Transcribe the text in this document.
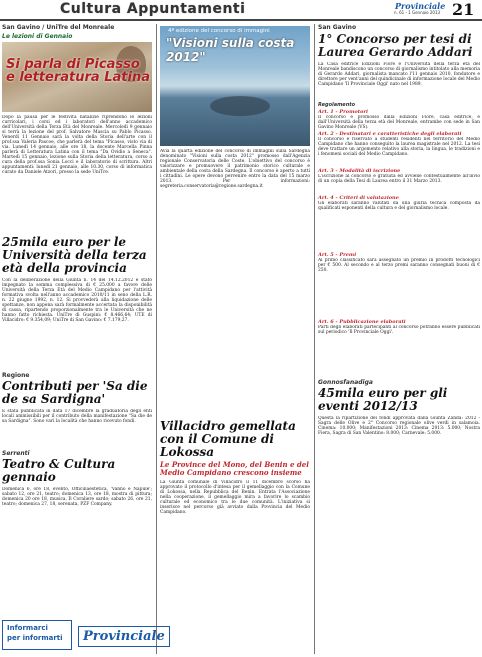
Cultura Appuntamenti	Provinciale
n. 61 - 1 Gennaio 2013 21
San Gavino / UniTre del Monreale
Le lezioni di Gennaio
Si parla di Picasso e letteratura Latina
Dopo la pausa per le festività natalizie riprendono le lezioni curricolari, i corsi ed i laboratori dell'anno accademico dell'Università della Terza Età del Monreale. Mercoledì 9 gennaio si terrà la lezione del prof. Salvatore Mascia su Pablo Picasso. Venerdì 11 Gennaio sarà la volta della Storia dell'arte con il prof.ssa Valeria Pascoe, che parlerà del tema "Picasso, visto via di via. Lunedì 14 gennaio, alle ore 18, la docente Marcella Pinna parlerà di Letteratura Latina con il tema "Da Ovidio a Seneca". Martedì 15 gennaio, lezione sulla Storia della letteratura, corso a cura della prof.ssa Sonia Locci e il laboratorio di scrittura. Altri appuntamenti: lunedì 21 gennaio, alle 10.30, corso di informatica curato da Daniele Atzori, presso la sede UniTre.
25mila euro per le Università della terza età della provincia
Con la deliberazione della Giunta n. 14 del 14.12.2012 è stato impegnato la somma complessiva di € 25.000 a favore delle Università della Terza Età del Medio Campidano per l'attività formativa svolta nell'anno accademico 2010/11 in seno della L.R. n. 22 giugno 1992, n. 12. Si provvederà alla liquidazione delle spettanze, non appena sarà formalmente accertata la disponibilità di cassa, ripartendo proporzionalmente tra le Università che ne hanno fatto richiesta. UniTre di Guspini: € 8.466,64; UTE di Villacidro: € 9.354,09; UniTre di San Gavino: € 7.179,27.
Regione
Contributi per 'Sa die de sa Sardigna'
È stata pubblicata in data 17 dicembre la graduatoria degli enti locali ammissibili per il contributo della manifestazione "Sa die de sa Sardigna". Sono vari la località che hanno ricevuto fondi.
Serrenti
Teatro & Cultura gennaio
Domenica 6, ore 18, evento, Officinaestetica, 'Vanno e Napule'; sabato 12, ore 21, teatro; domenica 13, ore 18, mostra di pittura; domenica 20 ore 18, musica, Il Coraliere sardo; sabato 26, ore 21, teatro; domenica 27, 18, serenata, PZF Company.
Informarci
per informarti	Provinciale
4ª edizione del concorso di immagini
"Visioni sulla costa 2012"
Avia la quarta edizione del concorso di immagini sulla Sardegna denominato "Visioni sulla costa 2012" promosso dall'Agenzia regionale Conservatoria delle Coste. L'obiettivo del concorso è valorizzare e promuovere il patrimonio storico culturale e ambientale della costa della Sardegna. Il concorso è aperto a tutti i cittadini. Le opere devono pervenire entro la data del 15 marzo 2013. Per informazioni: segreteria.conservatoria@regione.sardegna.it
Villacidro gemellata con il Comune di Lokossa
Le Province del Mono, del Benin e del Medio Campidano crescono insieme
La Giunta comunale di Villacidro il 11 dicembre scorso ha approvato il protocollo d'intesa per il gemellaggio con la Comune di Lokossa, nella Repubblica del Benin. Entrata l'Associazione nella cooperazione, il gemellaggio mira a favorire lo scambio culturale ed economico tra le due comunità. L'iniziativa si inserisce nel percorso già avviato dalla Provincia del Medio Campidano.
San Gavino
1° Concorso per tesi di Laurea Gerardo Addari
La Casa editrice Edizioni Fiore e l'Università della terza età del Monreale bandiscono un concorso di giornalismo intitolato alla memoria di Gerardo Addari, giornalista mancato l'11 gennaio 2010, fondatore e direttore per vent'anni del quindicinale di informazione locale del Medio Campidano 'Il Provinciale Oggi' nato nel 1989.
Regolamento
Art. 1 - Promotori
Il concorso è promosso dalla Edizioni Fiore, casa editrice, e dall'Università della terza età del Monreale, entrambe con sede in San Gavino Monreale (VS).
Art. 2 - Destinatari e caratteristiche degli elaborati
Il concorso è riservato a studenti residenti nel territorio del Medio Campidano che hanno conseguito la laurea magistrale nel 2012. La tesi deve trattare un argomento relativo alla storia, la lingua, le tradizioni e i fenomeni sociali del Medio Campidano.
Art. 3 - Modalità di iscrizione
L'iscrizione al concorso è gratuita ed avviene contestualmente all'invio di un copia della Tesi di Laurea entro il 31 Marzo 2013.
Art. 4 - Criteri di valutazione
Gli elaborati saranno valutati da una giuria tecnica composta da qualificati esponenti della cultura e del giornalismo locale.
Art. 5 - Premi
Al primo classificato sarà assegnato un premio in prodotti tecnologici per € 500. Al secondo e al terzo premi saranno consegnati buoni di € 250.
Art. 6 - Pubblicazione elaborati
Parti degli elaborati partecipanti al concorso potranno essere pubblicati sul periodico 'Il Provinciale Oggi'.
Gonnosfanadiga
45mila euro per gli eventi 2012/13
Questa la ripartizione dei fondi approvata dalla Giunta Zanda: 2012 - Sagra delle Olive e 2° Concorso regionale olive verdi in salamoia. Cinema: 10.000; Manifestazioni 2013: Cinema 2013: 5.000; Nostra Fiera, Sagra di San Valentino: 8.000; Carnevale: 5.000.
